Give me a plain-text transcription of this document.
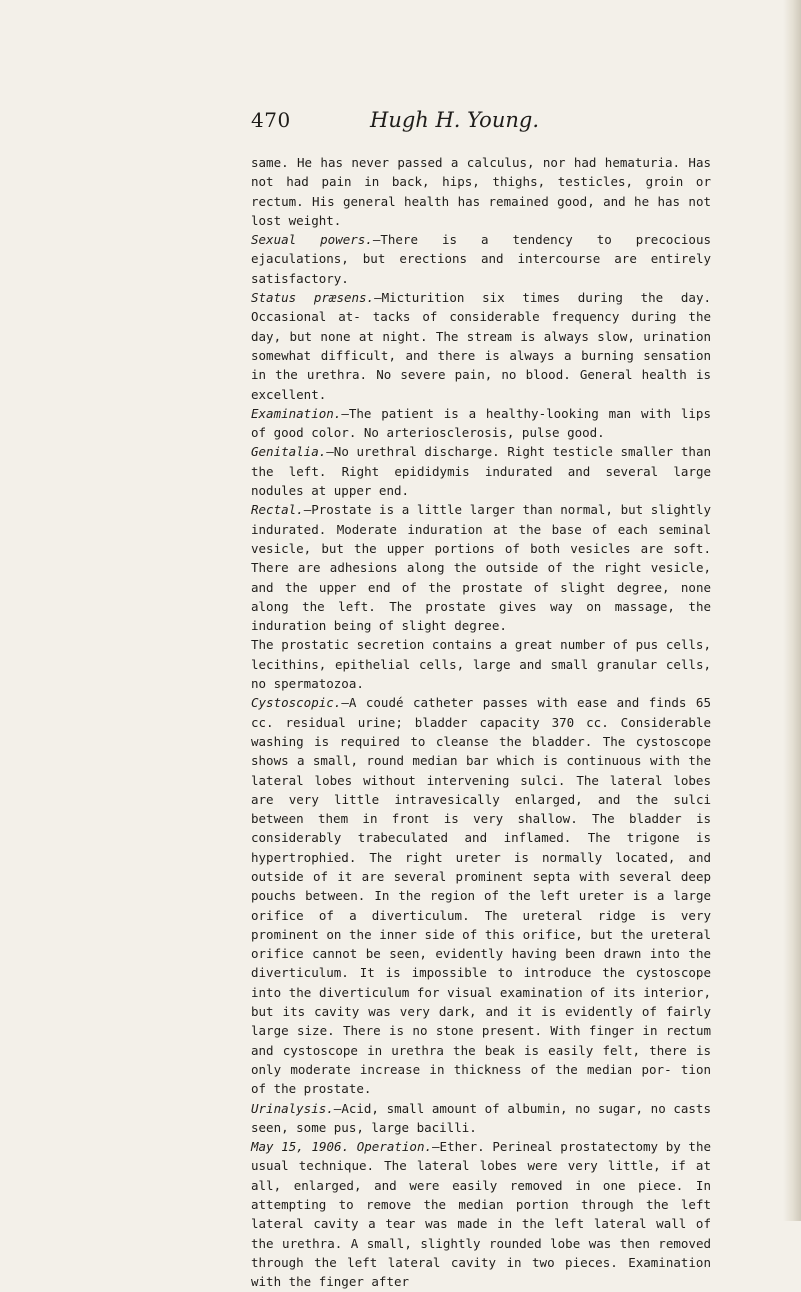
470	Hugh H. Young.

same. He has never passed a calculus, nor had hematuria. Has not had pain in back, hips, thighs, testicles, groin or rectum. His general health has remained good, and he has not lost weight.

Sexual powers.—There is a tendency to precocious ejaculations, but erections and intercourse are entirely satisfactory.

Status præsens.—Micturition six times during the day. Occasional at- tacks of considerable frequency during the day, but none at night. The stream is always slow, urination somewhat difficult, and there is always a burning sensation in the urethra. No severe pain, no blood. General health is excellent.

Examination.—The patient is a healthy-looking man with lips of good color. No arteriosclerosis, pulse good.

Genitalia.—No urethral discharge. Right testicle smaller than the left. Right epididymis indurated and several large nodules at upper end.

Rectal.—Prostate is a little larger than normal, but slightly indurated. Moderate induration at the base of each seminal vesicle, but the upper portions of both vesicles are soft. There are adhesions along the outside of the right vesicle, and the upper end of the prostate of slight degree, none along the left. The prostate gives way on massage, the induration being of slight degree.

The prostatic secretion contains a great number of pus cells, lecithins, epithelial cells, large and small granular cells, no spermatozoa.

Cystoscopic.—A coudé catheter passes with ease and finds 65 cc. residual urine; bladder capacity 370 cc. Considerable washing is required to cleanse the bladder. The cystoscope shows a small, round median bar which is continuous with the lateral lobes without intervening sulci. The lateral lobes are very little intravesically enlarged, and the sulci between them in front is very shallow. The bladder is considerably trabeculated and inflamed. The trigone is hypertrophied. The right ureter is normally located, and outside of it are several prominent septa with several deep pouchs between. In the region of the left ureter is a large orifice of a diverticulum. The ureteral ridge is very prominent on the inner side of this orifice, but the ureteral orifice cannot be seen, evidently having been drawn into the diverticulum. It is impossible to introduce the cystoscope into the diverticulum for visual examination of its interior, but its cavity was very dark, and it is evidently of fairly large size. There is no stone present. With finger in rectum and cystoscope in urethra the beak is easily felt, there is only moderate increase in thickness of the median por- tion of the prostate.

Urinalysis.—Acid, small amount of albumin, no sugar, no casts seen, some pus, large bacilli.

May 15, 1906. Operation.—Ether. Perineal prostatectomy by the usual technique. The lateral lobes were very little, if at all, enlarged, and were easily removed in one piece. In attempting to remove the median portion through the left lateral cavity a tear was made in the left lateral wall of the urethra. A small, slightly rounded lobe was then removed through the left lateral cavity in two pieces. Examination with the finger after
